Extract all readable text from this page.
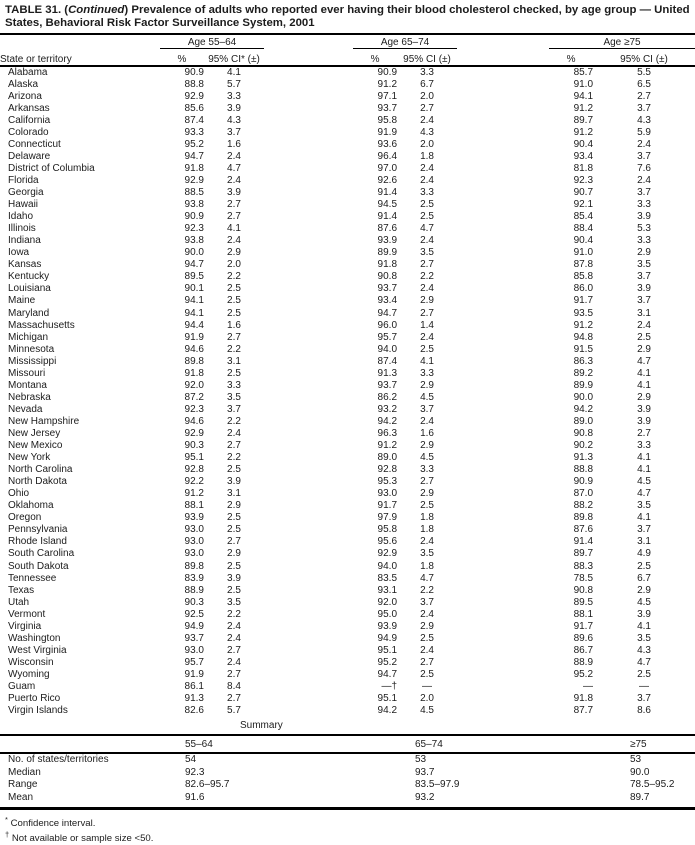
TABLE 31. (Continued) Prevalence of adults who reported ever having their blood cholesterol checked, by age group — United
States, Behavioral Risk Factor Surveillance System, 2001
	Age 55–64			Age 65–74			Age ≥75	
State or territory	%	95% CI* (±)		%	95% CI (±)		%	95% CI (±)
Alabama	90.9	4.1		90.9	3.3		85.7	5.5
Alaska	88.8	5.7		91.2	6.7		91.0	6.5
Arizona	92.9	3.3		97.1	2.0		94.1	2.7
Arkansas	85.6	3.9		93.7	2.7		91.2	3.7
California	87.4	4.3		95.8	2.4		89.7	4.3
Colorado	93.3	3.7		91.9	4.3		91.2	5.9
Connecticut	95.2	1.6		93.6	2.0		90.4	2.4
Delaware	94.7	2.4		96.4	1.8		93.4	3.7
District of Columbia	91.8	4.7		97.0	2.4		81.8	7.6
Florida	92.9	2.4		92.6	2.4		92.3	2.4
Georgia	88.5	3.9		91.4	3.3		90.7	3.7
Hawaii	93.8	2.7		94.5	2.5		92.1	3.3
Idaho	90.9	2.7		91.4	2.5		85.4	3.9
Illinois	92.3	4.1		87.6	4.7		88.4	5.3
Indiana	93.8	2.4		93.9	2.4		90.4	3.3
Iowa	90.0	2.9		89.9	3.5		91.0	2.9
Kansas	94.7	2.0		91.8	2.7		87.8	3.5
Kentucky	89.5	2.2		90.8	2.2		85.8	3.7
Louisiana	90.1	2.5		93.7	2.4		86.0	3.9
Maine	94.1	2.5		93.4	2.9		91.7	3.7
Maryland	94.1	2.5		94.7	2.7		93.5	3.1
Massachusetts	94.4	1.6		96.0	1.4		91.2	2.4
Michigan	91.9	2.7		95.7	2.4		94.8	2.5
Minnesota	94.6	2.2		94.0	2.5		91.5	2.9
Mississippi	89.8	3.1		87.4	4.1		86.3	4.7
Missouri	91.8	2.5		91.3	3.3		89.2	4.1
Montana	92.0	3.3		93.7	2.9		89.9	4.1
Nebraska	87.2	3.5		86.2	4.5		90.0	2.9
Nevada	92.3	3.7		93.2	3.7		94.2	3.9
New Hampshire	94.6	2.2		94.2	2.4		89.0	3.9
New Jersey	92.9	2.4		96.3	1.6		90.8	2.7
New Mexico	90.3	2.7		91.2	2.9		90.2	3.3
New York	95.1	2.2		89.0	4.5		91.3	4.1
North Carolina	92.8	2.5		92.8	3.3		88.8	4.1
North Dakota	92.2	3.9		95.3	2.7		90.9	4.5
Ohio	91.2	3.1		93.0	2.9		87.0	4.7
Oklahoma	88.1	2.9		91.7	2.5		88.2	3.5
Oregon	93.9	2.5		97.9	1.8		89.8	4.1
Pennsylvania	93.0	2.5		95.8	1.8		87.6	3.7
Rhode Island	93.0	2.7		95.6	2.4		91.4	3.1
South Carolina	93.0	2.9		92.9	3.5		89.7	4.9
South Dakota	89.8	2.5		94.0	1.8		88.3	2.5
Tennessee	83.9	3.9		83.5	4.7		78.5	6.7
Texas	88.9	2.5		93.1	2.2		90.8	2.9
Utah	90.3	3.5		92.0	3.7		89.5	4.5
Vermont	92.5	2.2		95.0	2.4		88.1	3.9
Virginia	94.9	2.4		93.9	2.9		91.7	4.1
Washington	93.7	2.4		94.9	2.5		89.6	3.5
West Virginia	93.0	2.7		95.1	2.4		86.7	4.3
Wisconsin	95.7	2.4		95.2	2.7		88.9	4.7
Wyoming	91.9	2.7		94.7	2.5		95.2	2.5
Guam	86.1	8.4		—†	—		—	—
Puerto Rico	91.3	2.7		95.1	2.0		91.8	3.7
Virgin Islands	82.6	5.7		94.2	4.5		87.7	8.6
Summary
	55–64	65–74	≥75
No. of states/territories	54	53	53
Median	92.3	93.7	90.0
Range	82.6–95.7	83.5–97.9	78.5–95.2
Mean	91.6	93.2	89.7
* Confidence interval.
† Not available or sample size <50.
